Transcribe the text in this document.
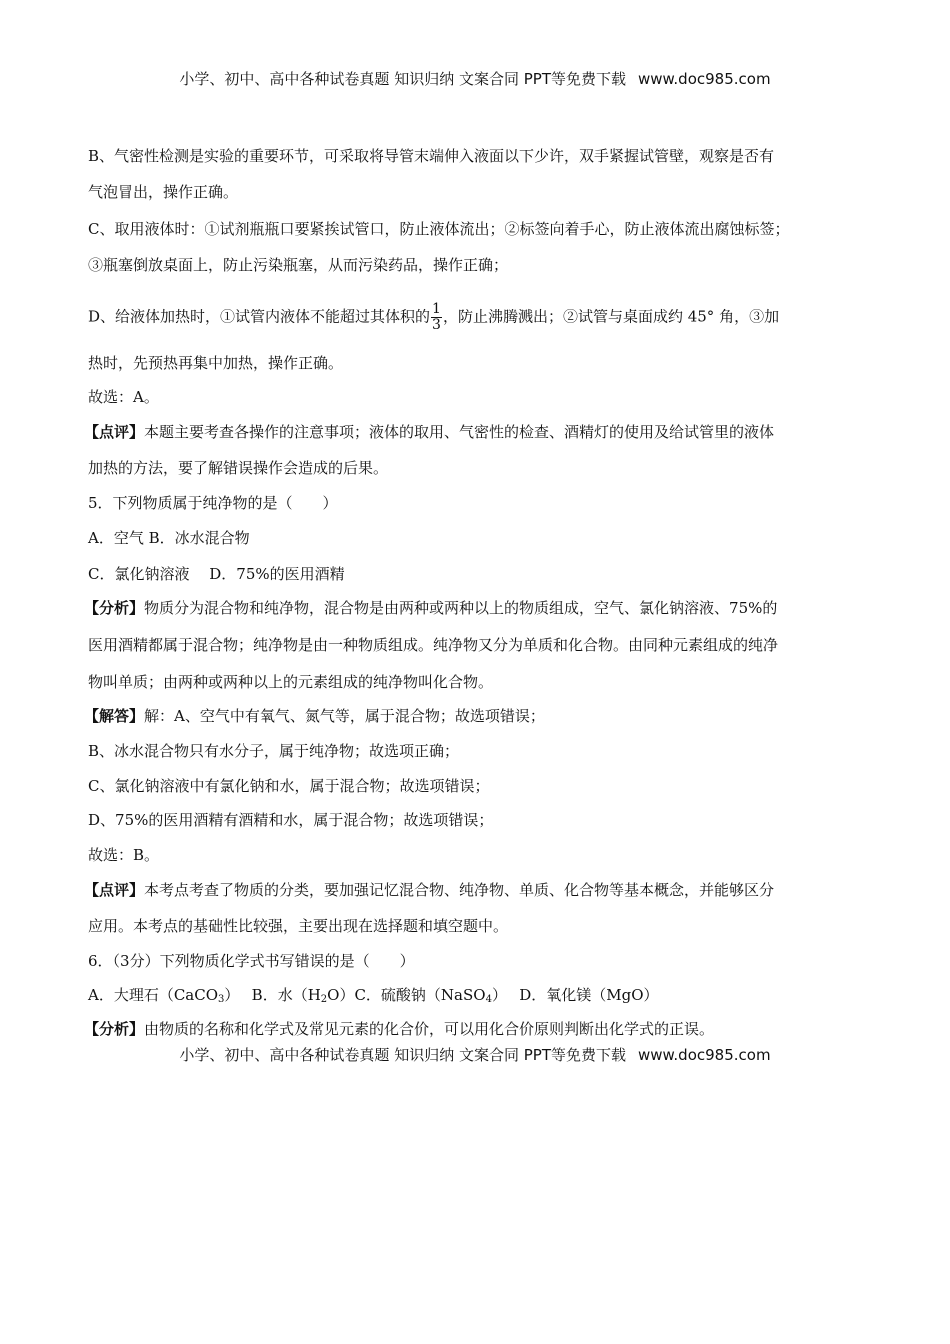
小学、初中、高中各种试卷真题 知识归纳 文案合同 PPT等免费下载 www.doc985.com
B、气密性检测是实验的重要环节，可采取将导管末端伸入液面以下少许，双手紧握试管壁，观察是否有
气泡冒出，操作正确。
C、取用液体时：①试剂瓶瓶口要紧挨试管口，防止液体流出；②标签向着手心，防止液体流出腐蚀标签；
③瓶塞倒放桌面上，防止污染瓶塞，从而污染药品，操作正确；
D、给液体加热时，①试管内液体不能超过其体积的 $\frac{1}{3}$ ，防止沸腾溅出；②试管与桌面成约 45° 角，③加
热时，先预热再集中加热，操作正确。
故选：A。
【点评】本题主要考查各操作的注意事项；液体的取用、气密性的检查、酒精灯的使用及给试管里的液体
加热的方法，要了解错误操作会造成的后果。
5．下列物质属于纯净物的是（　　）
A．空气 B．冰水混合物
C．氯化钠溶液　 D．75%的医用酒精
【分析】物质分为混合物和纯净物，混合物是由两种或两种以上的物质组成，空气、氯化钠溶液、75%的
医用酒精都属于混合物；纯净物是由一种物质组成。纯净物又分为单质和化合物。由同种元素组成的纯净
物叫单质；由两种或两种以上的元素组成的纯净物叫化合物。
【解答】解：A、空气中有氧气、氮气等，属于混合物；故选项错误；
B、冰水混合物只有水分子，属于纯净物；故选项正确；
C、氯化钠溶液中有氯化钠和水，属于混合物；故选项错误；
D、75%的医用酒精有酒精和水，属于混合物；故选项错误；
故选：B。
【点评】本考点考查了物质的分类，要加强记忆混合物、纯净物、单质、化合物等基本概念，并能够区分
应用。本考点的基础性比较强，主要出现在选择题和填空题中。
6．（3分）下列物质化学式书写错误的是（　　）
A．大理石（CaCO$_3$）　 B．水$(H_2O)C$．硫酸钠（NaSO$_4$）　 D．氧化镁（MgO）
【分析】由物质的名称和化学式及常见元素的化合价，可以用化合价原则判断出化学式的正误。
小学、初中、高中各种试卷真题 知识归纳 文案合同 PPT等免费下载 www.doc985.com
